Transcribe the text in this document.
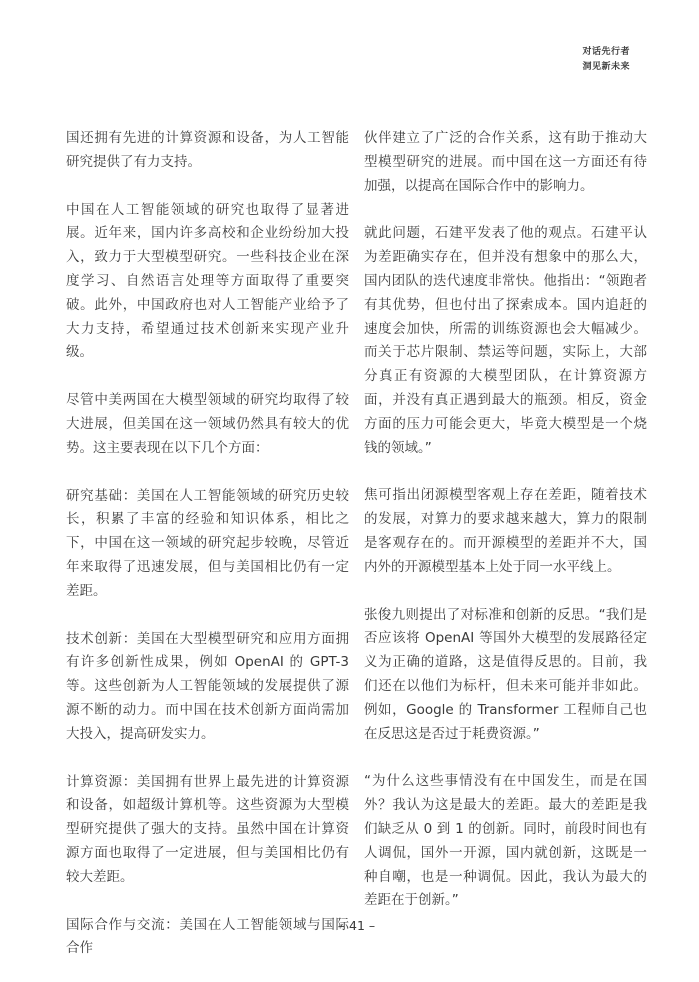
对话先行者
洞见新未来

国还拥有先进的计算资源和设备，为人工智能研究提供了有力支持。

中国在人工智能领域的研究也取得了显著进展。近年来，国内许多高校和企业纷纷加大投入，致力于大型模型研究。一些科技企业在深度学习、自然语言处理等方面取得了重要突破。此外，中国政府也对人工智能产业给予了大力支持，希望通过技术创新来实现产业升级。

尽管中美两国在大模型领域的研究均取得了较大进展，但美国在这一领域仍然具有较大的优势。这主要表现在以下几个方面：

研究基础：美国在人工智能领域的研究历史较长，积累了丰富的经验和知识体系，相比之下，中国在这一领域的研究起步较晚，尽管近年来取得了迅速发展，但与美国相比仍有一定差距。

技术创新：美国在大型模型研究和应用方面拥有许多创新性成果，例如 OpenAI 的 GPT-3 等。这些创新为人工智能领域的发展提供了源源不断的动力。而中国在技术创新方面尚需加大投入，提高研发实力。

计算资源：美国拥有世界上最先进的计算资源和设备，如超级计算机等。这些资源为大型模型研究提供了强大的支持。虽然中国在计算资源方面也取得了一定进展，但与美国相比仍有较大差距。

国际合作与交流：美国在人工智能领域与国际合作

伙伴建立了广泛的合作关系，这有助于推动大型模型研究的进展。而中国在这一方面还有待加强，以提高在国际合作中的影响力。

就此问题，石建平发表了他的观点。石建平认为差距确实存在，但并没有想象中的那么大，国内团队的迭代速度非常快。他指出：“领跑者有其优势，但也付出了探索成本。国内追赶的速度会加快，所需的训练资源也会大幅减少。而关于芯片限制、禁运等问题，实际上，大部分真正有资源的大模型团队，在计算资源方面，并没有真正遇到最大的瓶颈。相反，资金方面的压力可能会更大，毕竟大模型是一个烧钱的领域。”

焦可指出闭源模型客观上存在差距，随着技术的发展，对算力的要求越来越大，算力的限制是客观存在的。而开源模型的差距并不大，国内外的开源模型基本上处于同一水平线上。

张俊九则提出了对标准和创新的反思。“我们是否应该将 OpenAI 等国外大模型的发展路径定义为正确的道路，这是值得反思的。目前，我们还在以他们为标杆，但未来可能并非如此。例如，Google 的 Transformer 工程师自己也在反思这是否过于耗费资源。”

“为什么这些事情没有在中国发生，而是在国外？我认为这是最大的差距。最大的差距是我们缺乏从 0 到 1 的创新。同时，前段时间也有人调侃，国外一开源，国内就创新，这既是一种自嘲，也是一种调侃。因此，我认为最大的差距在于创新。”

– 41 –
